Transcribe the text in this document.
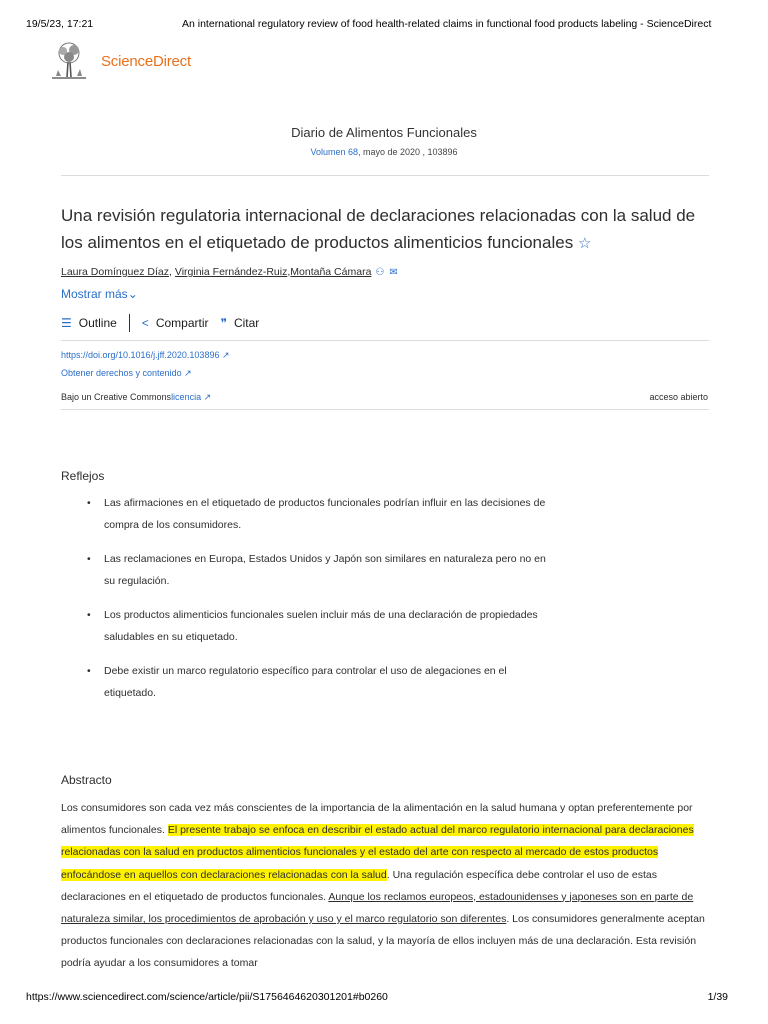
19/5/23, 17:21	An international regulatory review of food health-related claims in functional food products labeling - ScienceDirect
ScienceDirect
Diario de Alimentos Funcionales
Volumen 68, mayo de 2020 , 103896
Una revisión regulatoria internacional de declaraciones relacionadas con la salud de
los alimentos en el etiquetado de productos alimenticios funcionales ☆
Laura Domínguez Díaz , Virginia Fernández-Ruiz , Montaña Cámara ⚇✉
Mostrar más⌄
☰ Outline < Compartir ❞ Citar
https://doi.org/10.1016/j.jff.2020.103896 ↗
Obtener derechos y contenido ↗
Bajo un Creative Commonslicencia ↗	acceso abierto
Reflejos
• Las afirmaciones en el etiquetado de productos funcionales podrían influir en las decisiones de compra de los consumidores.
• Las reclamaciones en Europa, Estados Unidos y Japón son similares en naturaleza pero no en su regulación.
• Los productos alimenticios funcionales suelen incluir más de una declaración de propiedades saludables en su etiquetado.
• Debe existir un marco regulatorio específico para controlar el uso de alegaciones en el etiquetado.
Abstracto

Los consumidores son cada vez más conscientes de la importancia de la alimentación en la salud humana y optan preferentemente por alimentos funcionales. El presente trabajo se enfoca en describir el estado actual del marco regulatorio internacional para declaraciones relacionadas con la salud en productos alimenticios funcionales y el estado del arte con respecto al mercado de estos productos enfocándose en aquellos con declaraciones relacionadas con la salud. Una regulación específica debe controlar el uso de estas declaraciones en el etiquetado de productos funcionales. Aunque los reclamos europeos, estadounidenses y japoneses son en parte de naturaleza similar, los procedimientos de aprobación y uso y el marco regulatorio son diferentes. Los consumidores generalmente aceptan productos funcionales con declaraciones relacionadas con la salud, y la mayoría de ellos incluyen más de una declaración. Esta revisión podría ayudar a los consumidores a tomar

https://www.sciencedirect.com/science/article/pii/S1756464620301201#b0260	1/39
